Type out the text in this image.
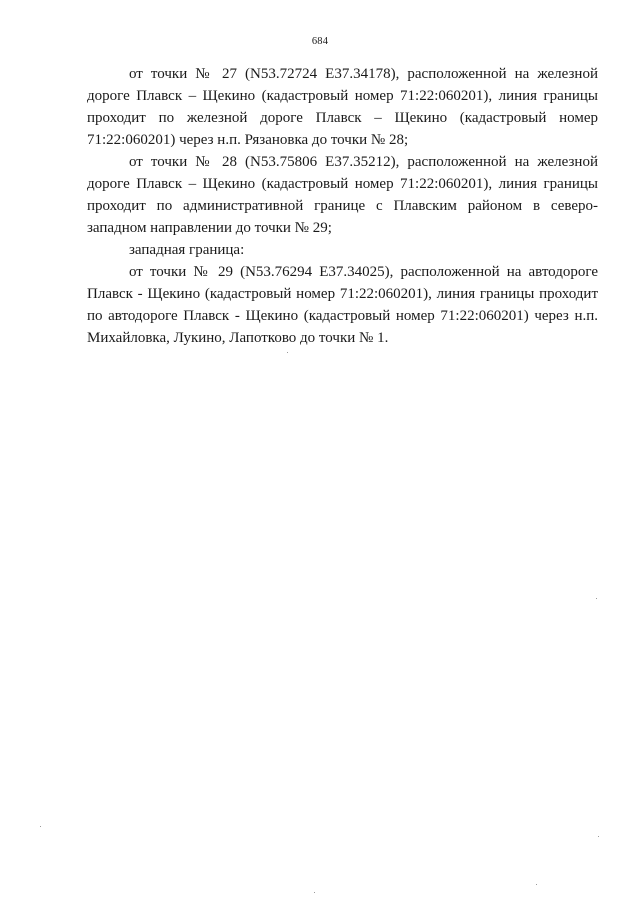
684

от точки № 27 (N53.72724 E37.34178), расположенной на железной дороге Плавск – Щекино (кадастровый номер 71:22:060201), линия границы проходит по железной дороге Плавск – Щекино (кадастровый номер 71:22:060201) через н.п. Рязановка до точки № 28;

от точки № 28 (N53.75806 E37.35212), расположенной на железной дороге Плавск – Щекино (кадастровый номер 71:22:060201), линия границы проходит по административной границе с Плавским районом в северо-западном направлении до точки № 29;

западная граница:

от точки № 29 (N53.76294 E37.34025), расположенной на автодороге Плавск - Щекино (кадастровый номер 71:22:060201), линия границы проходит по автодороге Плавск - Щекино (кадастровый номер 71:22:060201) через н.п. Михайловка, Лукино, Лапотково до точки № 1.
